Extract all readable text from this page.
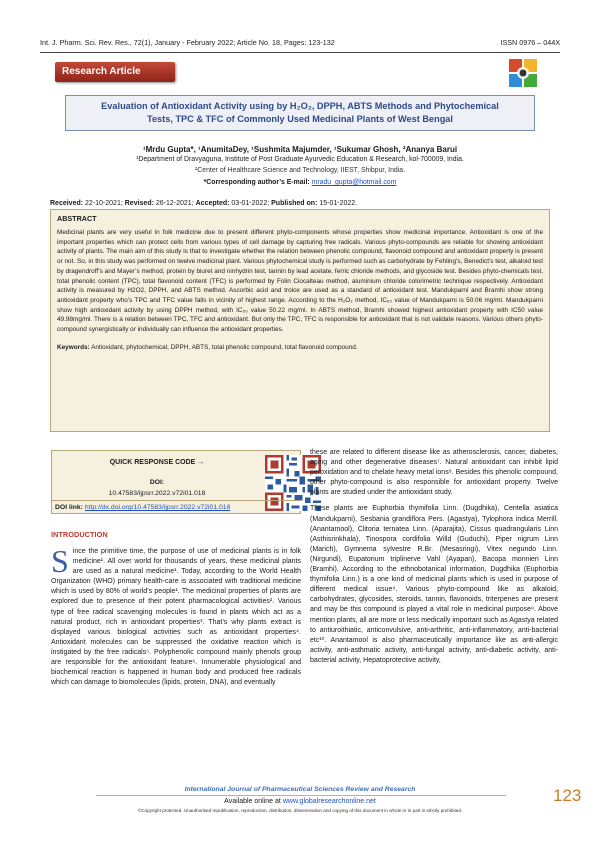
Int. J. Pharm. Sci. Rev. Res., 72(1), January - February 2022; Article No. 18, Pages: 123-132	ISSN 0976 – 044X
Research Article
Evaluation of Antioxidant Activity using by H₂O₂, DPPH, ABTS Methods and Phytochemical
Tests, TPC & TFC of Commonly Used Medicinal Plants of West Bengal
¹Mrdu Gupta*, ¹AnumitaDey, ¹Sushmita Majumder, ¹Sukumar Ghosh, ²Ananya Barui
¹Department of Dravyaguna, Institute of Post Graduate Ayurvedic Education & Research, kol-700009, India.
²Center of Healthcare Science and Technology, IIEST, Shibpur, India.
*Corresponding author’s E-mail: mradu_gupta@hotmail.com
Received: 22-10-2021; Revised: 26-12-2021; Accepted: 03-01-2022; Published on: 15-01-2022.
ABSTRACT
Medicinal plants are very useful in folk medicine due to present different phyto-components whose properties show medicinal importance. Antioxidant is one of the important properties which can protect cells from various types of cell damage by capturing free radicals. Various phyto-compounds are reliable for showing antioxidant activity of plants. The main aim of this study is that to investigate whether the relation between phenolic compound, flavonoid compound and antioxidant property is present or not. So, in this study was performed on twelve medicinal plant. Various phytochemical study is performed such as carbohydrate by Fehling’s, Benedict’s test, alkaloid test by dragendroff’s and Mayer’s method, protein by biuret and ninhydrin test, tannin by lead acetate, ferric chloride methods, and glycoside test. Besides phyto-chemicals test, total phenolic content (TPC), total flavonoid content (TFC) is performed by Folin Ciocalteau method, aluminium chloride colorimetric technique respectively. Antioxidant activity is measured by H2O2, DPPH, and ABTS method. Ascorbic acid and trolox are used as a standard of antioxidant test. Mandukparni and Bramhi show strong antioxidant property who’s TPC and TFC value falls in vicinity of highest range. According to the H₂O₂ method, IC₅₀ value of Mandukparni is 50.06 mg/ml. Mandukparni show high antioxidant activity by using DPPH method, with IC₅₀ value 50.22 mg/ml. In ABTS method, Bramhi showed highest antioxidant property with IC50 value 49.98mg/ml. There is a relation between TPC, TFC and antioxidant. But only the TPC, TFC is responsible for antioxidant that is not validate reasons. Various others phyto-compound synergistically or individually can influence the antioxidant properties.
Keywords: Antioxidant, phytochemical, DPPH, ABTS, total phenolic compound, total flavonoid compound.
QUICK RESPONSE CODE →
DOI:
10.47583/ijpsrr.2022.v72i01.018
DOI link: http://dx.doi.org/10.47583/ijpsrr.2022.v72i01.018
INTRODUCTION
S ince the primitive time, the purpose of use of medicinal plants is in folk medicine¹. All over world for thousands of years, these medicinal plants are used as a natural medicine¹. Today, according to the World Health Organization (WHO) primary health-care is associated with traditional medicine which is used by 80% of world’s people¹. The medicinal properties of plants are explored due to presence of their potent pharmacological activities². Various type of free radical scavenging molecules is found in plants which act as a natural product, rich in antioxidant properties³. That’s why plants extract is displayed various biological activities such as antioxidant properties⁴. Antioxidant molecules can be suppressed the oxidative reaction which is instigated by the free radicals⁵. Polyphenolic compound mainly phenols group are responsible for the antioxidant feature⁶. Innumerable physiological and biochemical reaction is happened in human body and produced free radicals which can damage to biomolecules (lipids, protein, DNA), and eventually

these are related to different disease like as atherosclerosis, cancer, diabetes, aging and other degenerative diseases⁷. Natural antioxidant can inhibit lipid peroxidation and to chelate heavy metal ions⁸. Besides this phenolic compound, other phyto-compound is also responsible for antioxidant property. Twelve plants are studied under the antioxidant study.

These plants are Euphorbia thymifolia Linn. (Dugdhika), Centella asiatica (Mandukparni), Sesbania grandiflora Pers. (Agastya), Tylophora indica Merrill. (Anantamool), Clitoria ternatea Linn. (Aparajita), Cissus quadrangularis Linn (Asthisrinkhala), Tinospora cordifolia Willd (Guduchi), Piper nigrum Linn (Marich), Gymnema sylvestre R.Br. (Mesasringi), Vitex negundo Linn. (Nirgundi), Eupatorium triplinerve Vahl (Ayapan), Bacopa monnieri Linn (Bramhi). According to the ethnobotanical information, Dugdhika (Euphorbia thymifolia Linn.) is a one kind of medicinal plants which is used in purpose of different medical issue⁹. Various phyto-compound like as alkaloid, carbohydrates, glycosides, steroids, tannin, flavonoids, triterpenes are present and may be this compound is played a vital role in medicinal purpose⁹. Above mention plants, all are more or less medically important such as Agastya related to antiuroithiatic, anticonvulsive, anti-arthritic, anti-inflammatory, anti-bacterial etc¹⁰. Anantamool is also pharmaceutically importance like as anti-allergic activity, anti-asthmatic activity, anti-fungal activity, anti-diabetic activity, anti-bacterial activity, Hepatoprotective activity,

International Journal of Pharmaceutical Sciences Review and Research
Available online at www.globalresearchonline.net
©Copyright protected. Unauthorised republication, reproduction, distribution, dissemination and copying of this document in whole or in part is strictly prohibited.
123
